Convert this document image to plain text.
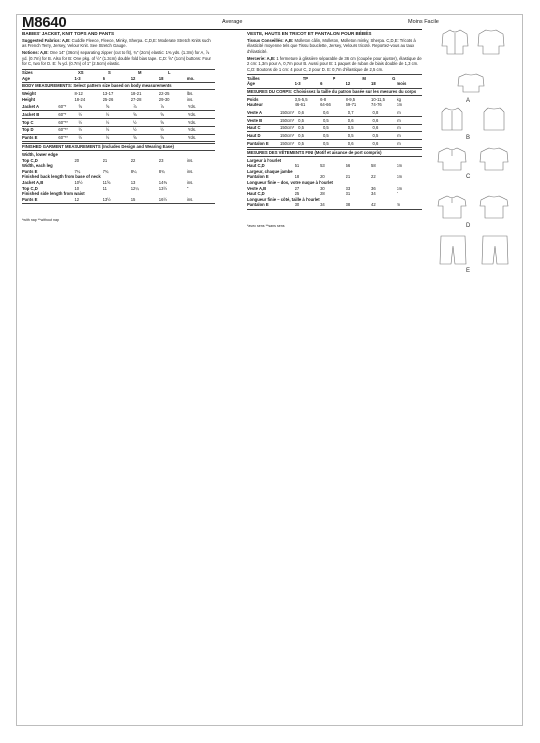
M8640	Average	Moins Facile
BABIES' JACKET, KNIT TOPS AND PANTS
Suggested Fabrics: A,B: Cuddle Fleece, Fleece, Minky, Sherpa. C,D,E: Moderate Stretch Knits such as French Terry, Jersey, Velour Knit. See Stretch Gauge.
Notions: A,B: One 14" (36cm) separating zipper (cut to fit), ¾" (2cm) elastic: 1⅜ yds. (1.3m) for A, ⅞ yd. (0.7m) for B. Also for B: One pkg. of ½" (1.3cm) double fold bias tape. C,D: ⅝" (1cm) buttons: Four for C, two for D. E: ⅝ yd. (0.7m) of 1" (2.5cm) elastic.
Sizes	XS	S	M	L
Age	1-3	6	12	18	mo.
BODY MEASUREMENTS: Select pattern size based on body measurements
Weight	8-12	13-17	18-21	22-25	lbs.
Height	18-24	25-26	27-28	29-30	ins.
Jacket A	60"*	⅝	⅝	⅞	⅞	Yds.
Jacket B	60"*	½	½	⅝	⅝	Yds.
Top C	60"**	½	½	½	⅝	Yds.
Top D	60"**	½	½	½	½	Yds.
Pants E	60"**	½	½	⅝	⅝	Yds.
FINISHED GARMENT MEASUREMENTS (Includes Design and Wearing Ease)
Width, lower edge
Top C,D	20	21	22	23	ins.
Width, each leg
Pants E	7¼	7¾	8¼	8¾	ins.
Finished back length from base of neck
Jacket A,B	10½	11⅝	13	14⅜	ins.
Top C,D	10	11	12¼	13½	"
Finished side length from waist
Pants E	12	13½	15	16½	ins.
*with nap **without nap
VESTE, HAUTS EN TRICOT ET PANTALON POUR BÉBÉS
Tissus Conseillés: A,B: Molleton câlin, Molleton, Molleton minky, Sherpa. C,D,E: Tricots à élasticité moyenne tels que Tissu bouclette, Jersey, Velours tricoté. Reportez-vous au taux d'élasticité.
Mercerie: A,B: 1 fermeture à glissière séparable de 36 cm (coupée pour ajuster), élastique de 2 cm: 1,3m pour A, 0,7m pour B. Aussi pour B: 1 paquet de ruban de biais double de 1,3 cm. C,D: Boutons de 1 cm: 4 pour C, 2 pour D. E: 0,7m d'élastique de 2,5 cm.
Tailles	TP	P	M	G
Âge	1-3	6	12	18	mois
MESURES DU CORPS: Choisissez la taille du patron basée sur les mesures du corps
Poids	3,5-5,5	6-8	8-9,5	10-11,5	kg
Hauteur	46-61	64-66	69-71	74-76	cm
Veste A	150cm* 0,6	0,6	0,7	0,8	m
Veste B	150cm* 0,5	0,5	0,6	0,6	m
Haut C	150cm* 0,5	0,5	0,5	0,6	m
Haut D	150cm* 0,5	0,5	0,5	0,5	m
Pantalon E	150cm* 0,5	0,5	0,6	0,6	m
MESURES DES VÊTEMENTS FINI (Motif et aisance de port compris)
Largeur à l'ourlet
Haut C,D	51	53	56	58	cm
Largeur, chaque jambe
Pantalon E	18	20	21	22	cm
Longueur finie – dos, votre nuque à l'ourlet
Veste A,B	27	30	33	36	cm
Haut C,D	25	28	31	34	"
Longueur finie – côté, taille à l'ourlet
Pantalon E	30	34	38	42	m
*avec sens **sans sens
A
B
C
D
E
